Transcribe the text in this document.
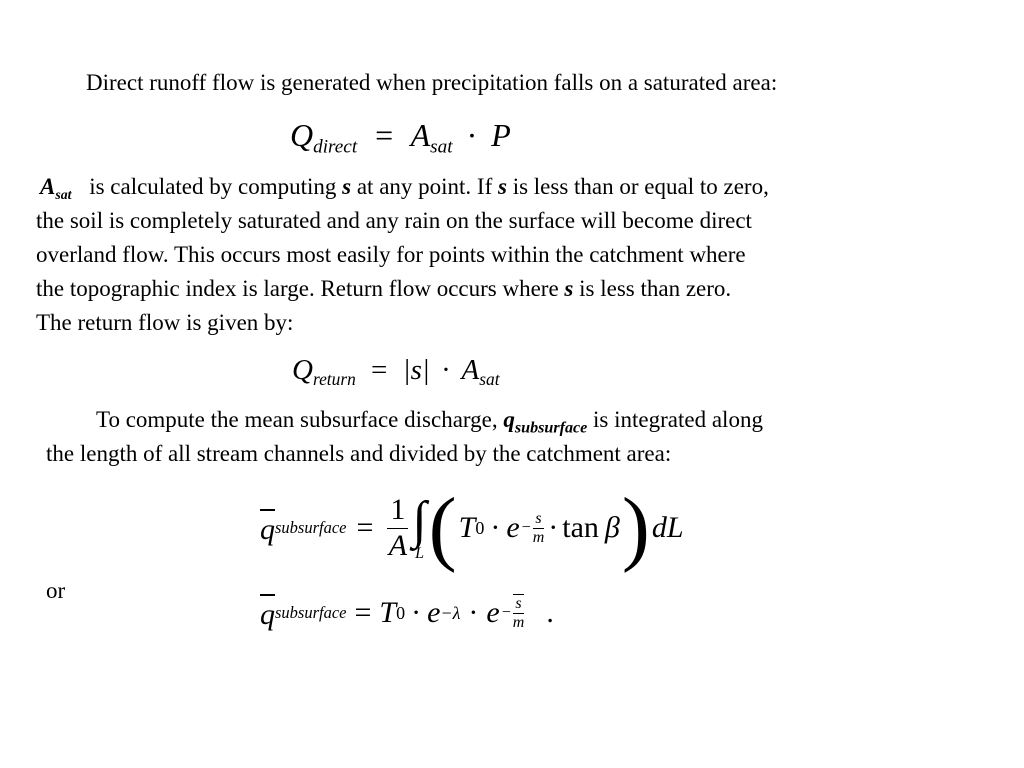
Direct runoff flow is generated when precipitation falls on a saturated area:
$Q_{direct} = A_{sat} \cdot P$
$A_{sat}$ is calculated by computing s at any point. If s is less than or equal to zero,
the soil is completely saturated and any rain on the surface will become direct
overland flow. This occurs most easily for points within the catchment where
the topographic index is large. Return flow occurs where s is less than zero.
The return flow is given by:
$Q_{return} = |s| \cdot A_{sat}$
To compute the mean subsurface discharge, $q_{subsurface}$ is integrated along
the length of all stream channels and divided by the catchment area:
q subsurface = $\frac{1}{A}$ ∫
L ( T $0 \cdot e - \frac{s}{m} \cdot \tan \beta$ ) dL
or
q subsurface = T $0 \cdot e -\lambda \cdot e - \frac{s}{m}$ .
